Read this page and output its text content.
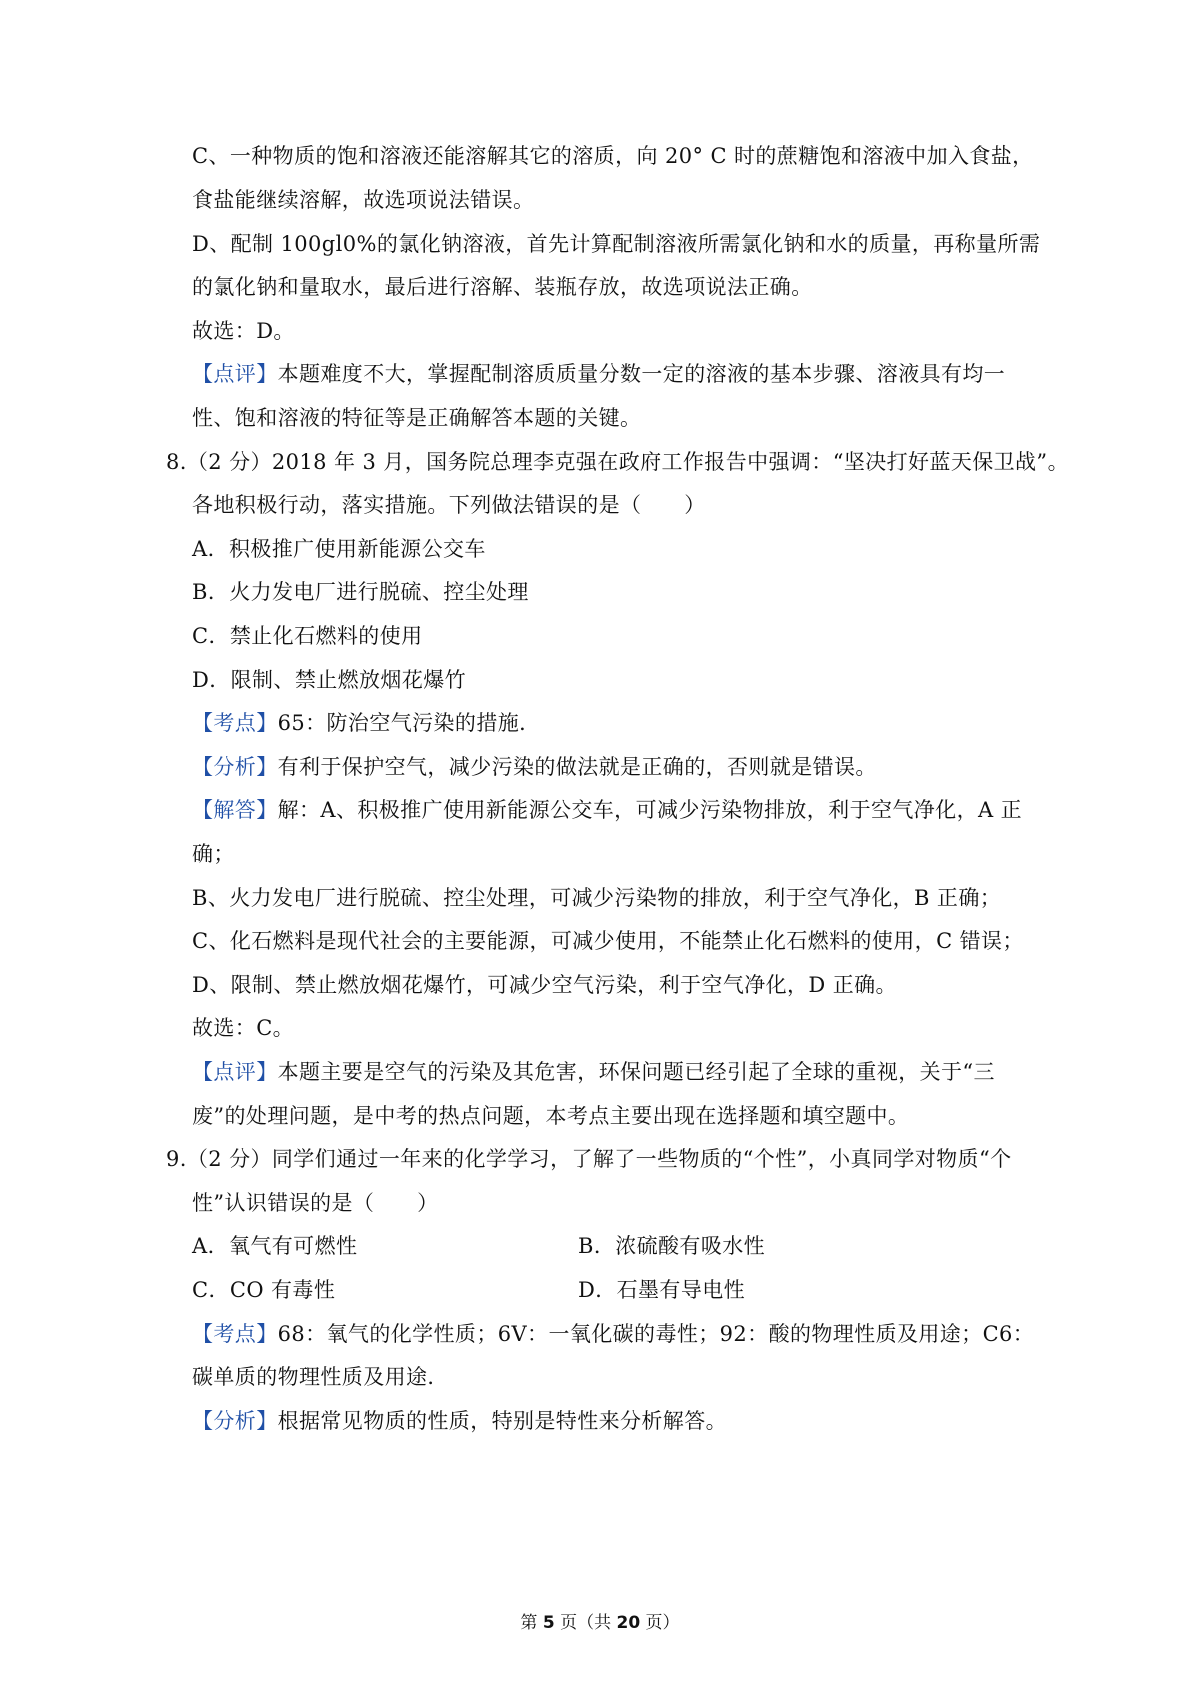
C、一种物质的饱和溶液还能溶解其它的溶质，向 20° C 时的蔗糖饱和溶液中加入食盐，
食盐能继续溶解，故选项说法错误。
D、配制 100gl0%的氯化钠溶液，首先计算配制溶液所需氯化钠和水的质量，再称量所需
的氯化钠和量取水，最后进行溶解、装瓶存放，故选项说法正确。
故选：D。
【点评】本题难度不大，掌握配制溶质质量分数一定的溶液的基本步骤、溶液具有均一
性、饱和溶液的特征等是正确解答本题的关键。
8.（2 分）2018 年 3 月，国务院总理李克强在政府工作报告中强调：“坚决打好蓝天保卫战”。
各地积极行动，落实措施。下列做法错误的是（　　）
A．积极推广使用新能源公交车
B．火力发电厂进行脱硫、控尘处理
C．禁止化石燃料的使用
D．限制、禁止燃放烟花爆竹
【考点】65：防治空气污染的措施．
【分析】有利于保护空气，减少污染的做法就是正确的，否则就是错误。
【解答】解：A、积极推广使用新能源公交车，可减少污染物排放，利于空气净化，A 正
确；
B、火力发电厂进行脱硫、控尘处理，可减少污染物的排放，利于空气净化，B 正确；
C、化石燃料是现代社会的主要能源，可减少使用，不能禁止化石燃料的使用，C 错误；
D、限制、禁止燃放烟花爆竹，可减少空气污染，利于空气净化，D 正确。
故选：C。
【点评】本题主要是空气的污染及其危害，环保问题已经引起了全球的重视，关于“三
废”的处理问题，是中考的热点问题，本考点主要出现在选择题和填空题中。
9.（2 分）同学们通过一年来的化学学习，了解了一些物质的“个性”，小真同学对物质“个
性”认识错误的是（　　）
A．氧气有可燃性	B．浓硫酸有吸水性
C．CO 有毒性	D．石墨有导电性
【考点】68：氧气的化学性质；6V：一氧化碳的毒性；92：酸的物理性质及用途；C6：
碳单质的物理性质及用途．
【分析】根据常见物质的性质，特别是特性来分析解答。
第 5 页（共 20 页）
